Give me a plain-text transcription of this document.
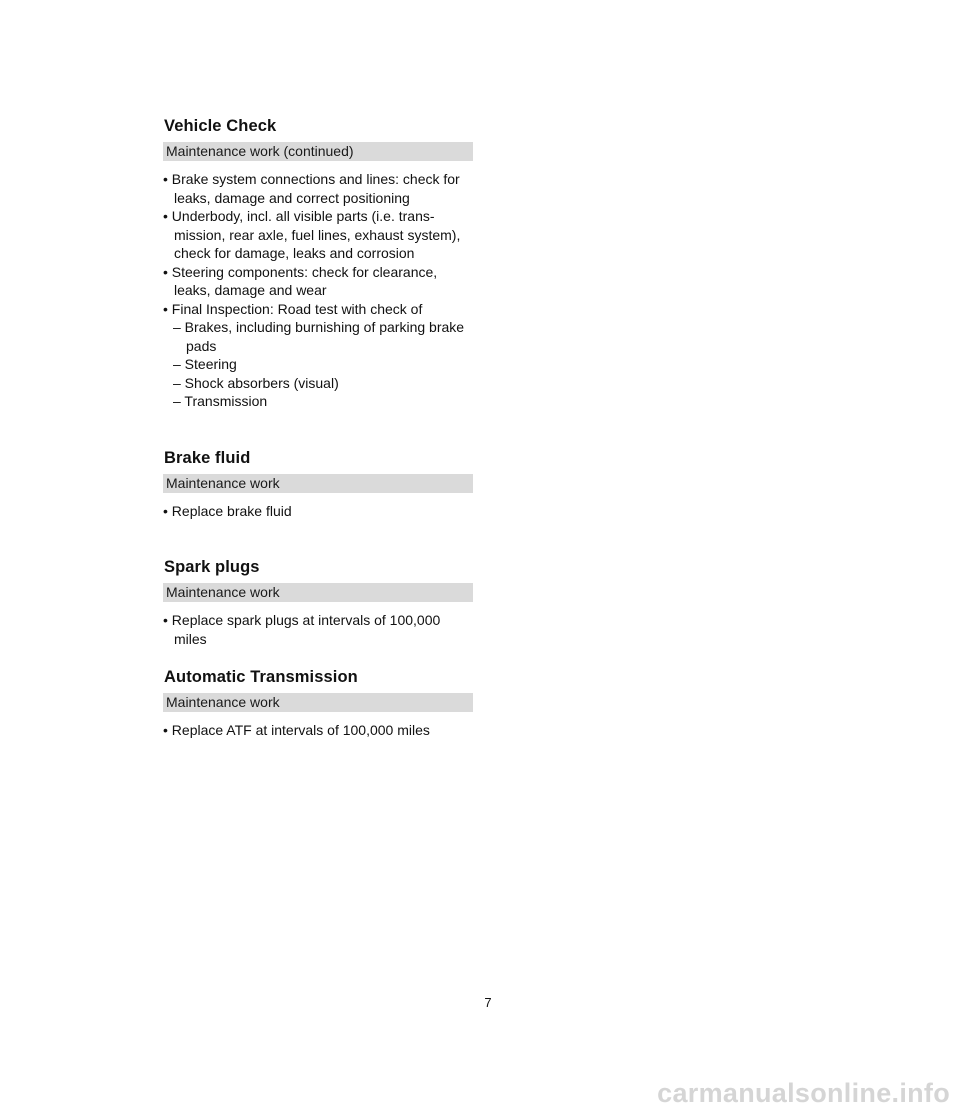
Vehicle Check
Maintenance work (continued)
• Brake system connections and lines: check for leaks, damage and correct positioning
• Underbody, incl. all visible parts (i.e. trans-mission, rear axle, fuel lines, exhaust system), check for damage, leaks and corrosion
• Steering components: check for clearance, leaks, damage and wear
• Final Inspection: Road test with check of
– Brakes, including burnishing of parking brake pads
– Steering
– Shock absorbers (visual)
– Transmission
Brake fluid
Maintenance work
• Replace brake fluid
Spark plugs
Maintenance work
• Replace spark plugs at intervals of 100,000 miles
Automatic Transmission
Maintenance work
• Replace ATF at intervals of 100,000 miles
7
carmanualsonline.info
